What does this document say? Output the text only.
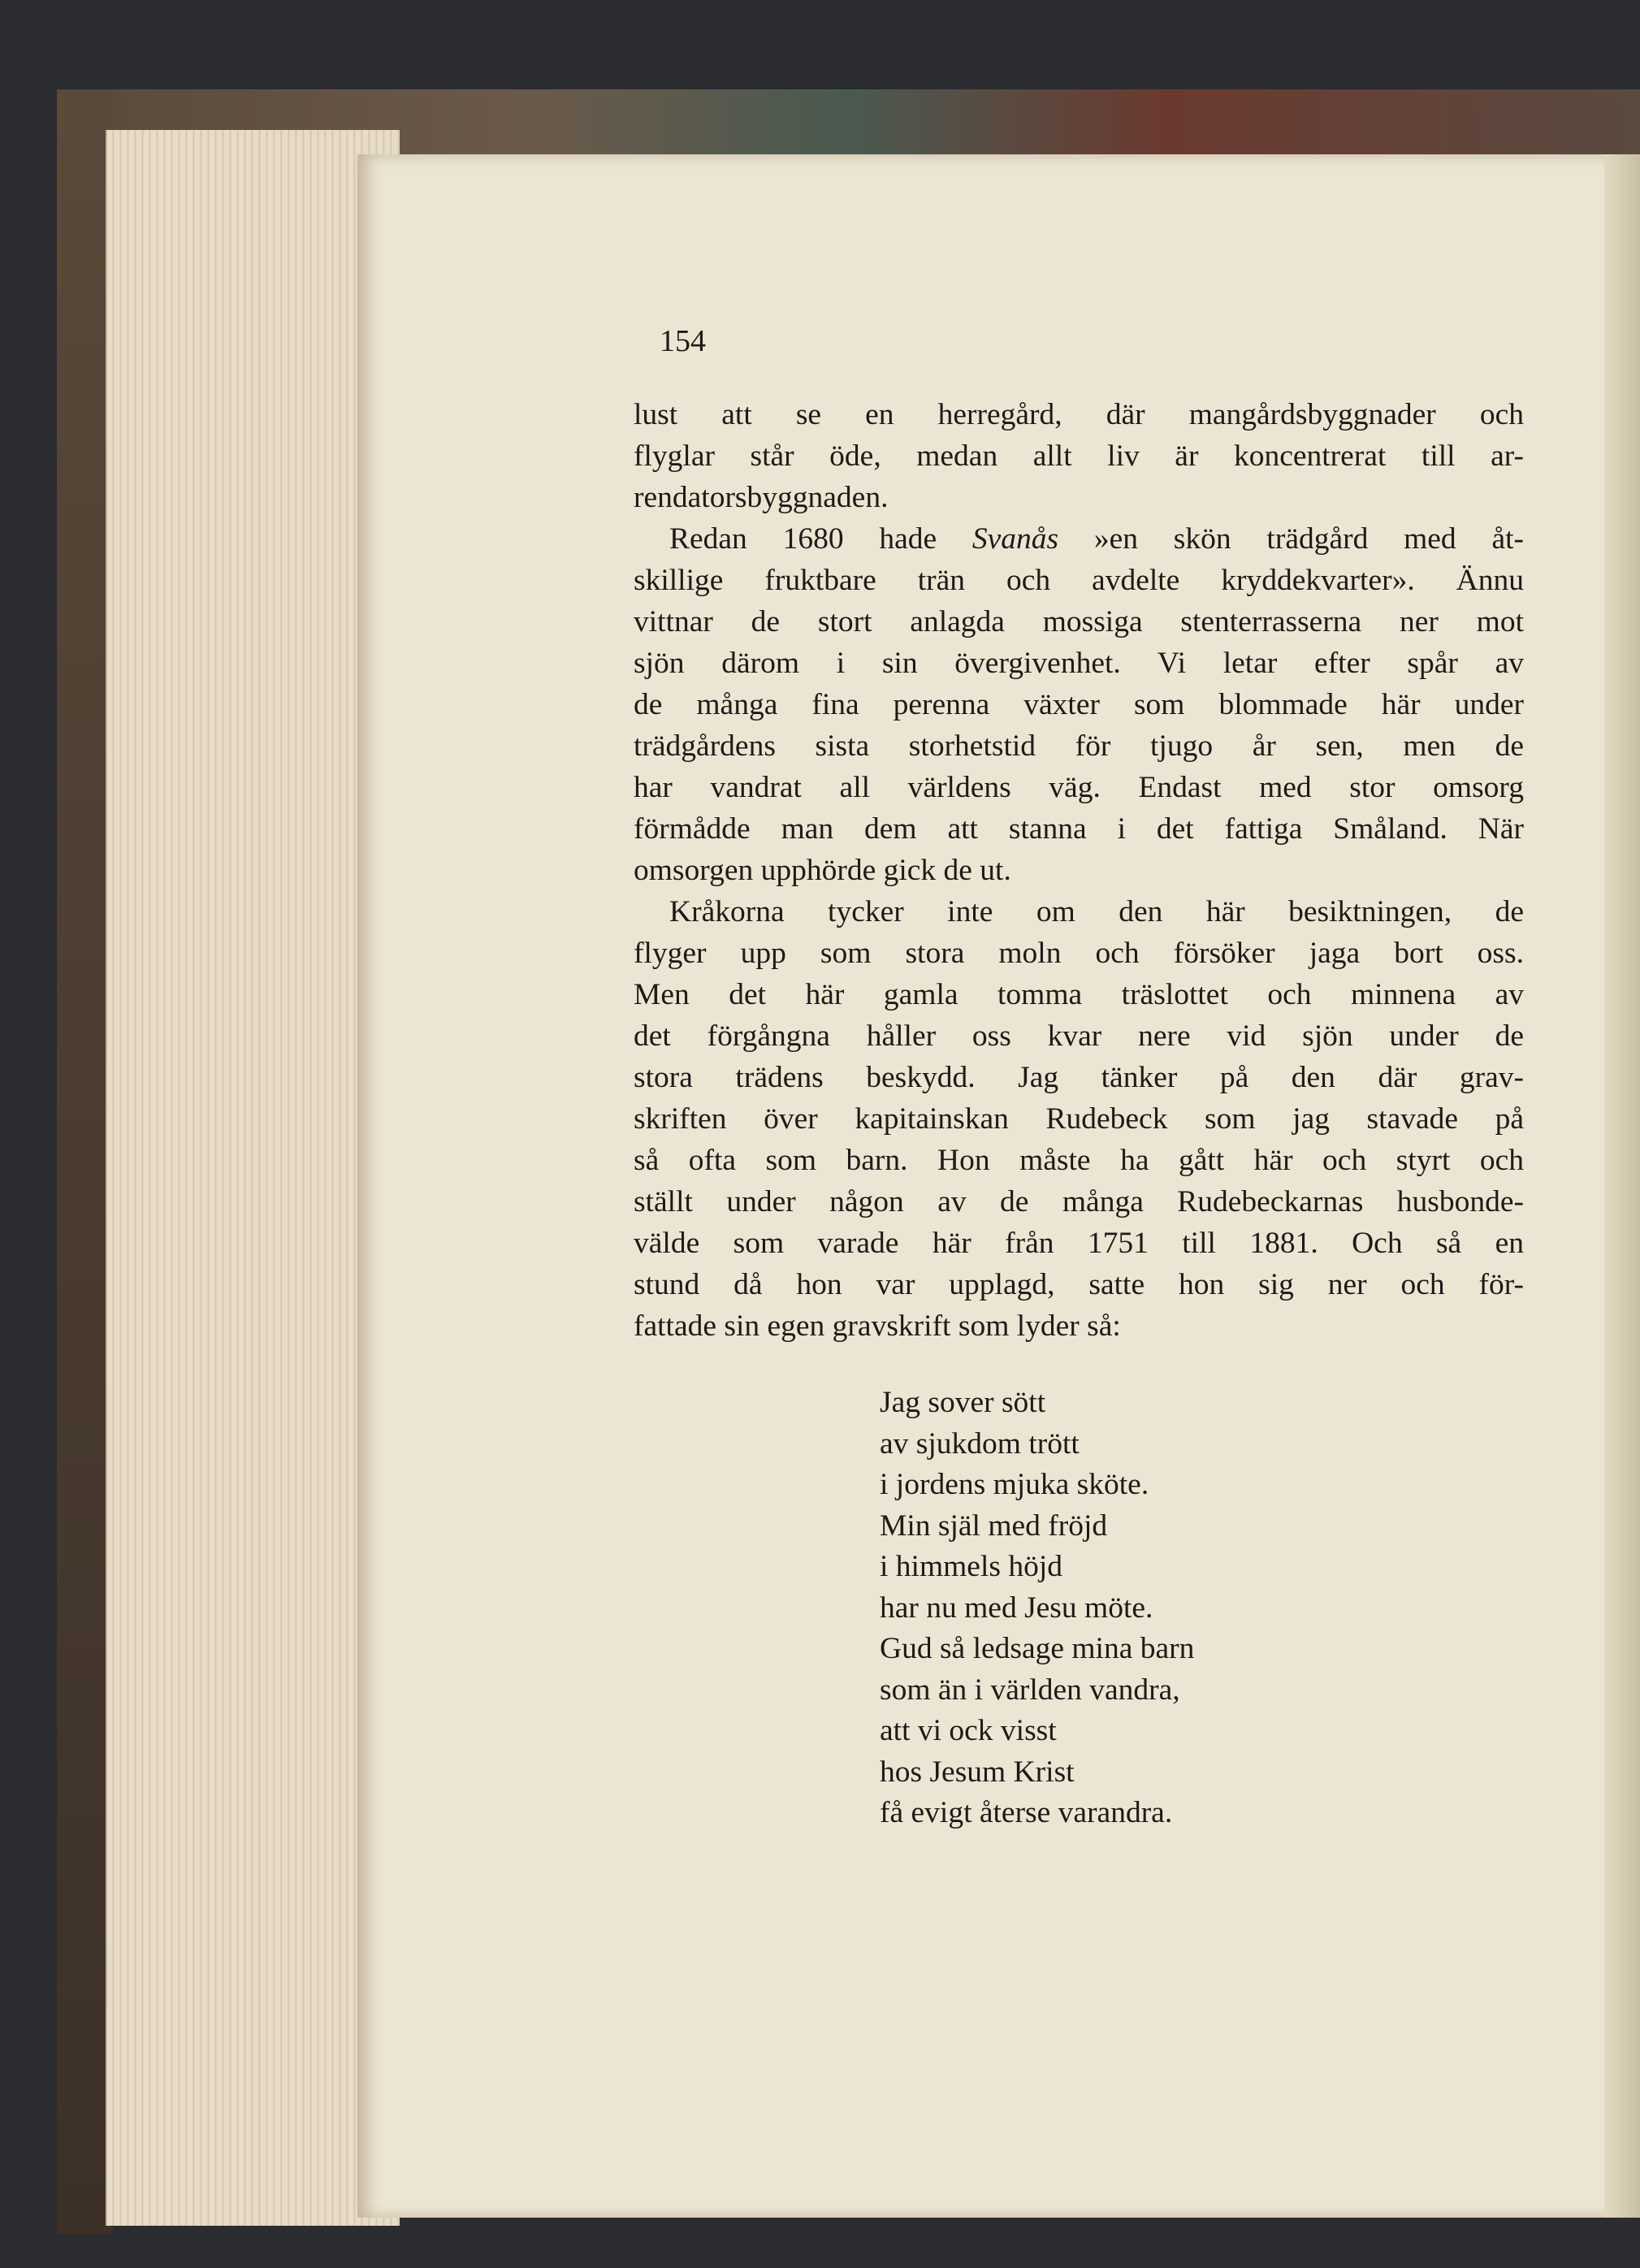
154

lust att se en herregård, där mangårdsbyggnader och

flyglar står öde, medan allt liv är koncentrerat till ar-

rendatorsbyggnaden.

Redan 1680 hade Svanås »en skön trädgård med åt-

skillige fruktbare trän och avdelte kryddekvarter». Ännu

vittnar de stort anlagda mossiga stenterrasserna ner mot

sjön därom i sin övergivenhet. Vi letar efter spår av

de många fina perenna växter som blommade här under

trädgårdens sista storhetstid för tjugo år sen, men de

har vandrat all världens väg. Endast med stor omsorg

förmådde man dem att stanna i det fattiga Småland. När

omsorgen upphörde gick de ut.

Kråkorna tycker inte om den här besiktningen, de

flyger upp som stora moln och försöker jaga bort oss.

Men det här gamla tomma träslottet och minnena av

det förgångna håller oss kvar nere vid sjön under de

stora trädens beskydd. Jag tänker på den där grav-

skriften över kapitainskan Rudebeck som jag stavade på

så ofta som barn. Hon måste ha gått här och styrt och

ställt under någon av de många Rudebeckarnas husbonde-

välde som varade här från 1751 till 1881. Och så en

stund då hon var upplagd, satte hon sig ner och för-

fattade sin egen gravskrift som lyder så:

Jag sover sött
av sjukdom trött
i jordens mjuka sköte.
Min själ med fröjd
i himmels höjd
har nu med Jesu möte.
Gud så ledsage mina barn
som än i världen vandra,
att vi ock visst
hos Jesum Krist
få evigt återse varandra.
